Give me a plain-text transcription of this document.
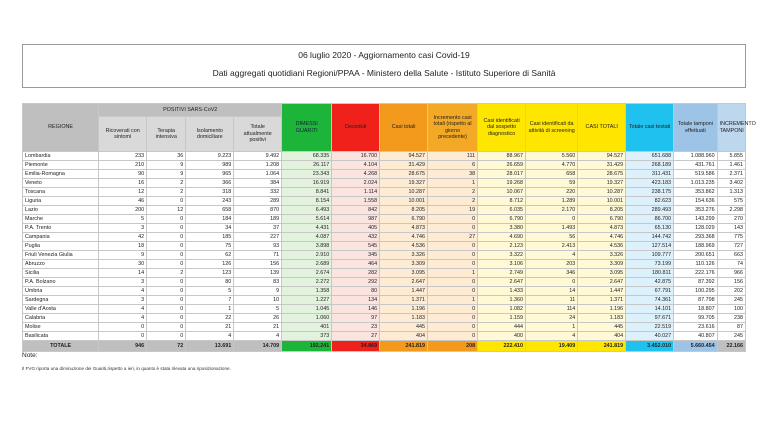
06 luglio 2020 - Aggiornamento casi Covid-19
Dati aggregati quotidiani Regioni/PPAA - Ministero della Salute - Istituto Superiore di Sanità
REGIONE	POSITIVI SARS-CoV2				DIMESSI GUARITI	Deceduti	Casi totali	Incremento casi totali (rispetto al giorno precedente)	Casi identificati dal sospetto diagnostico	Casi identificati da attività di screening	CASI TOTALI	Totale casi testati	Totale tamponi effettuati	INCREMENTO TAMPONI
	Ricoverati con sintomi	Terapia intensiva	Isolamento domiciliare	Totale attualmente positivi										
Lombardia	233	36	9.223	9.492	68.335	16.700	94.527	111	88.967	5.560	94.527	651.688	1.088.960	5.855
Piemonte	210	9	989	1.208	26.117	4.104	31.429	6	26.659	4.770	31.429	268.189	431.761	1.461
Emilia-Romagna	90	9	965	1.064	23.343	4.268	28.675	38	28.017	658	28.675	311.431	519.586	2.371
Veneto	16	2	366	384	16.919	2.024	19.327	1	19.268	59	19.327	423.183	1.013.235	3.402
Toscana	12	2	318	332	8.841	1.114	10.287	2	10.067	220	10.287	238.175	353.862	1.313
Liguria	46	0	243	289	8.154	1.558	10.001	2	8.712	1.289	10.001	82.623	154.636	575
Lazio	200	12	658	870	6.493	842	8.205	19	6.035	2.170	8.205	289.493	353.276	2.298
Marche	5	0	184	189	5.614	987	6.790	0	6.790	0	6.790	86.700	143.299	270
P.A. Trento	3	0	34	37	4.431	405	4.873	0	3.380	1.493	4.873	65.130	128.029	143
Campania	42	0	185	227	4.087	432	4.746	27	4.690	56	4.746	144.742	293.368	775
Puglia	18	0	75	93	3.898	545	4.536	0	2.123	2.413	4.536	127.514	188.969	727
Friuli Venezia Giulia	9	0	62	71	2.910	345	3.326	0	3.322	4	3.326	109.777	200.651	663
Abruzzo	30	0	126	156	2.689	464	3.309	0	3.106	203	3.309	73.199	110.126	74
Sicilia	14	2	123	139	2.674	282	3.095	1	2.749	346	3.095	180.811	222.176	966
P.A. Bolzano	3	0	80	83	2.272	292	2.647	0	2.647	0	2.647	42.875	87.392	156
Umbria	4	0	5	9	1.358	80	1.447	0	1.433	14	1.447	67.791	100.295	202
Sardegna	3	0	7	10	1.227	134	1.371	1	1.360	11	1.371	74.361	87.798	245
Valle d'Aosta	4	0	1	5	1.045	146	1.196	0	1.082	114	1.196	14.101	18.807	100
Calabria	4	0	22	26	1.060	97	1.183	0	1.159	24	1.183	97.671	99.705	238
Molise	0	0	21	21	401	23	445	0	444	1	445	22.519	23.616	87
Basilicata	0	0	4	4	373	27	404	0	400	4	404	40.027	40.807	245
TOTALE	946	72	13.691	14.709	192.241	34.869	241.819	208	222.410	19.409	241.819	3.452.010	5.660.454	22.166
Note:
Il FVG riporta una diminuzione dei Guariti,rispetto a ieri, in quanto è stata rilevata una riposizionazione.
